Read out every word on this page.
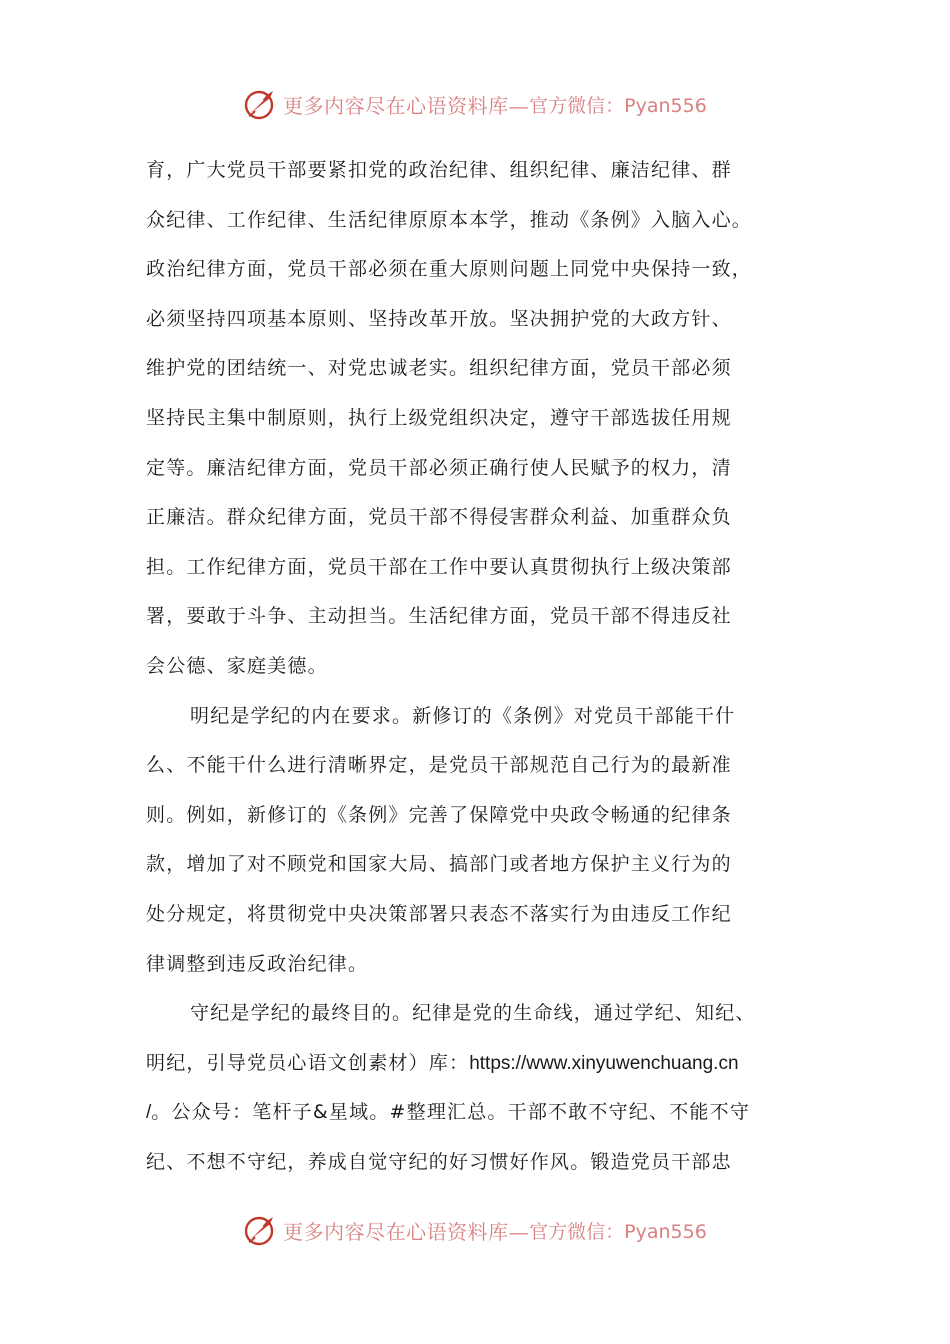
更多内容尽在心语资料库— 官方微信：Pyan556
育，广大党员干部要紧扣党的政治纪律、组织纪律、廉洁纪律、群
众纪律、工作纪律、生活纪律原原本本学，推动《条例》入脑入心。
政治纪律方面，党员干部必须在重大原则问题上同党中央保持一致，
必须坚持四项基本原则、坚持改革开放。坚决拥护党的大政方针、
维护党的团结统一、对党忠诚老实。组织纪律方面，党员干部必须
坚持民主集中制原则，执行上级党组织决定，遵守干部选拔任用规
定等。廉洁纪律方面，党员干部必须正确行使人民赋予的权力，清
正廉洁。群众纪律方面，党员干部不得侵害群众利益、加重群众负
担。工作纪律方面，党员干部在工作中要认真贯彻执行上级决策部
署，要敢于斗争、主动担当。生活纪律方面，党员干部不得违反社
会公德、家庭美德。
明纪是学纪的内在要求。新修订的《条例》对党员干部能干什
么、不能干什么进行清晰界定，是党员干部规范自己行为的最新准
则。例如，新修订的《条例》完善了保障党中央政令畅通的纪律条
款，增加了对不顾党和国家大局、搞部门或者地方保护主义行为的
处分规定，将贯彻党中央决策部署只表态不落实行为由违反工作纪
律调整到违反政治纪律。
守纪是学纪的最终目的。纪律是党的生命线，通过学纪、知纪、
明纪，引导党员心语文创素材）库：https://www.xinyuwenchuang.cn
/。公众号：笔杆子&星域。#整理汇总。干部不敢不守纪、不能不守
纪、不想不守纪，养成自觉守纪的好习惯好作风。锻造党员干部忠
更多内容尽在心语资料库— 官方微信：Pyan556
